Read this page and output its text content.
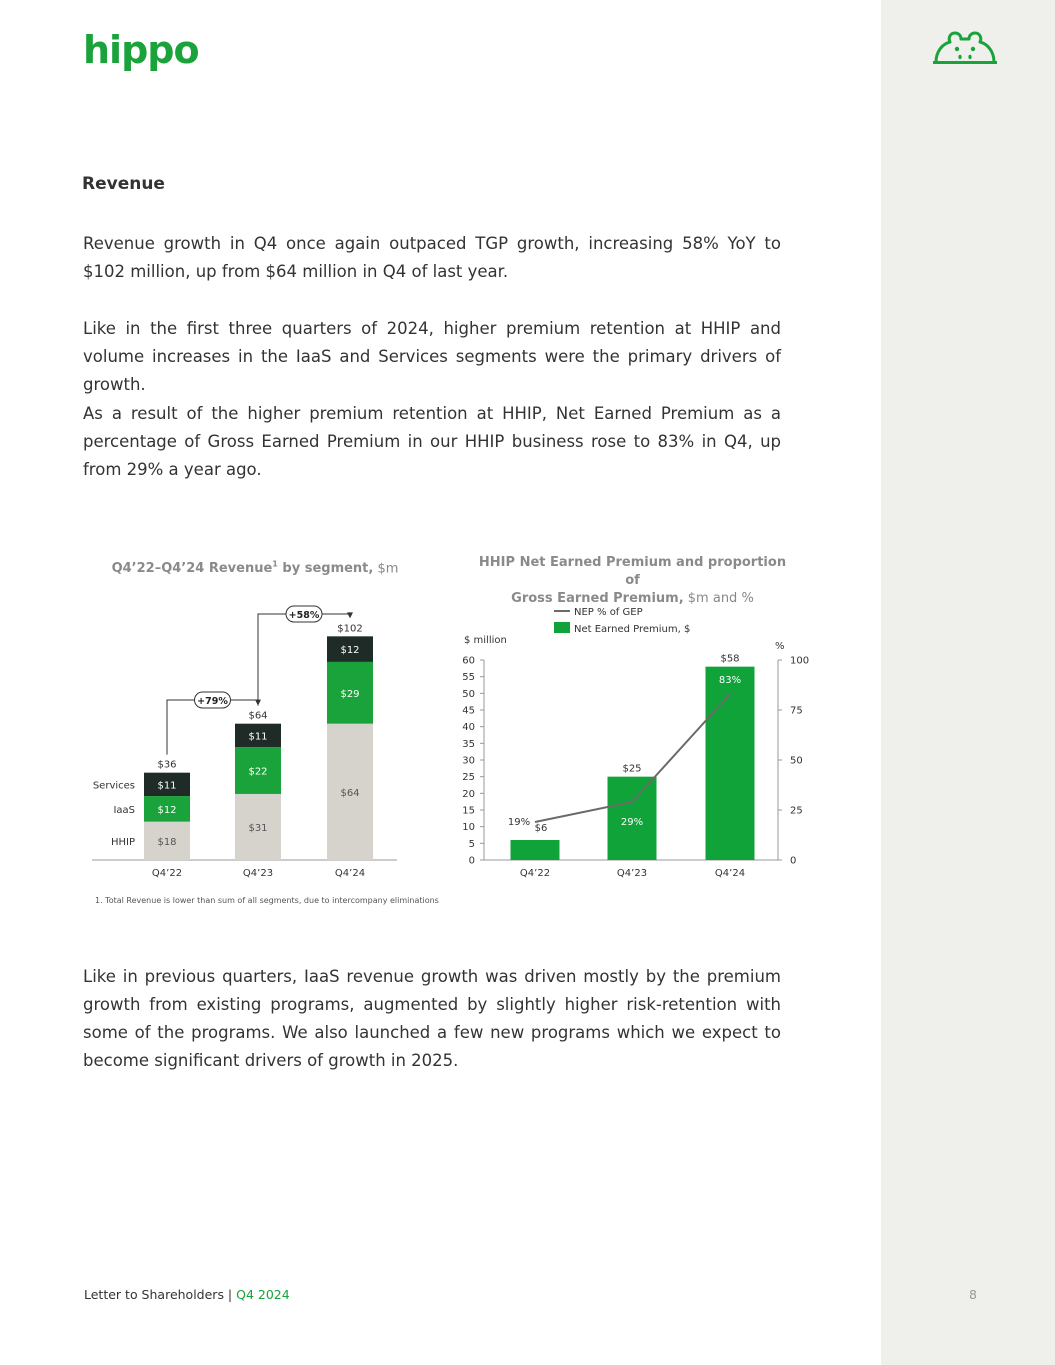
hippo
Revenue

Revenue growth in Q4 once again outpaced TGP growth, increasing 58% YoY to $102 million, up from $64 million in Q4 of last year.

Like in the first three quarters of 2024, higher premium retention at HHIP and volume increases in the IaaS and Services segments were the primary drivers of growth.

As a result of the higher premium retention at HHIP, Net Earned Premium as a percentage of Gross Earned Premium in our HHIP business rose to 83% in Q4, up from 29% a year ago.

Q4’22–Q4’24 Revenue$^1$ by segment, $m	HHIP Net Earned Premium and proportion of
Gross Earned Premium, $m and %
$18
$12
$11
$36
Q4’22
$31
$22
$11
$64
Q4’23
$64
$29
$12
$102
Q4’24
HHIP
IaaS
Services
+79%
+58%
0
5
10
15
20
25
30
35
40
45
50
55
60
0
25
50
75
100
$ million
%
NEP % of GEP
Net Earned Premium, $
$6
Q4’22
$25
Q4’23
$58
Q4’24
19%	29%
83%
1. Total Revenue is lower than sum of all segments, due to intercompany eliminations

Like in previous quarters, IaaS revenue growth was driven mostly by the premium growth from existing programs, augmented by slightly higher risk-retention with some of the programs. We also launched a few new programs which we expect to become significant drivers of growth in 2025.

Letter to Shareholders | Q4 2024	8
